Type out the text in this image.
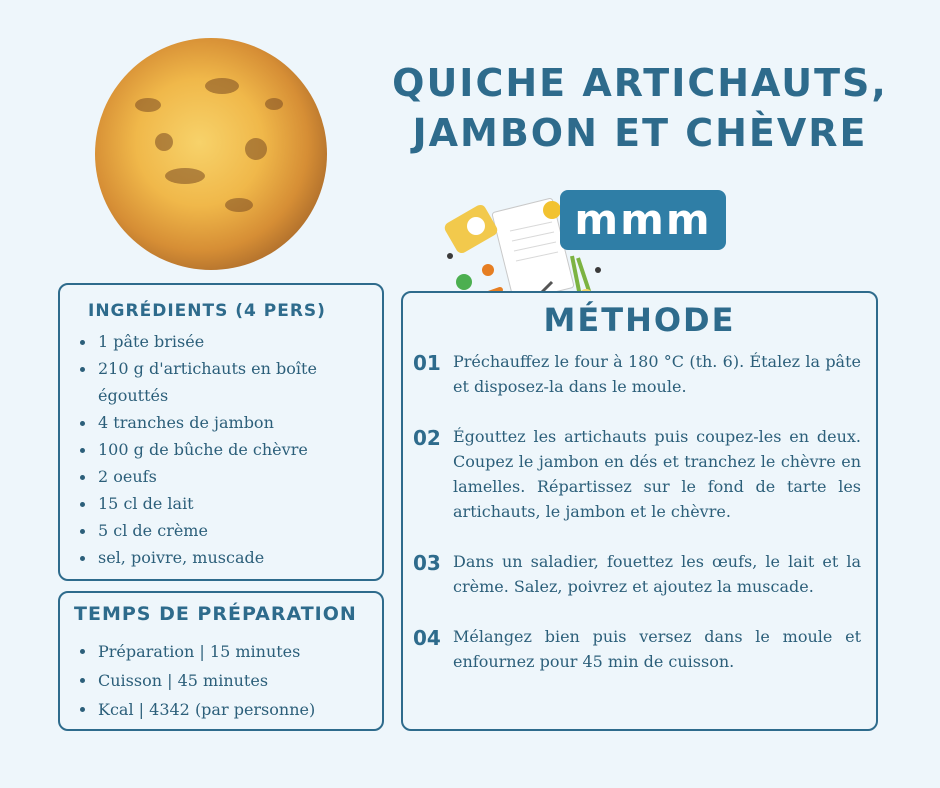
QUICHE ARTICHAUTS, JAMBON ET CHÈVRE
mmm
INGRÉDIENTS (4 PERS)
1 pâte brisée
210 g d'artichauts en boîte égouttés
4 tranches de jambon
100 g de bûche de chèvre
2 oeufs
15 cl de lait
5 cl de crème
sel, poivre, muscade
TEMPS DE PRÉPARATION
Préparation | 15 minutes
Cuisson | 45 minutes
Kcal | 4342 (par personne)
MÉTHODE
01 Préchauffez le four à 180 °C (th. 6). Étalez la pâte et disposez-la dans le moule.
02 Égouttez les artichauts puis coupez-les en deux. Coupez le jambon en dés et tranchez le chèvre en lamelles. Répartissez sur le fond de tarte les artichauts, le jambon et le chèvre.
03 Dans un saladier, fouettez les œufs, le lait et la crème. Salez, poivrez et ajoutez la muscade.
04 Mélangez bien puis versez dans le moule et enfournez pour 45 min de cuisson.
